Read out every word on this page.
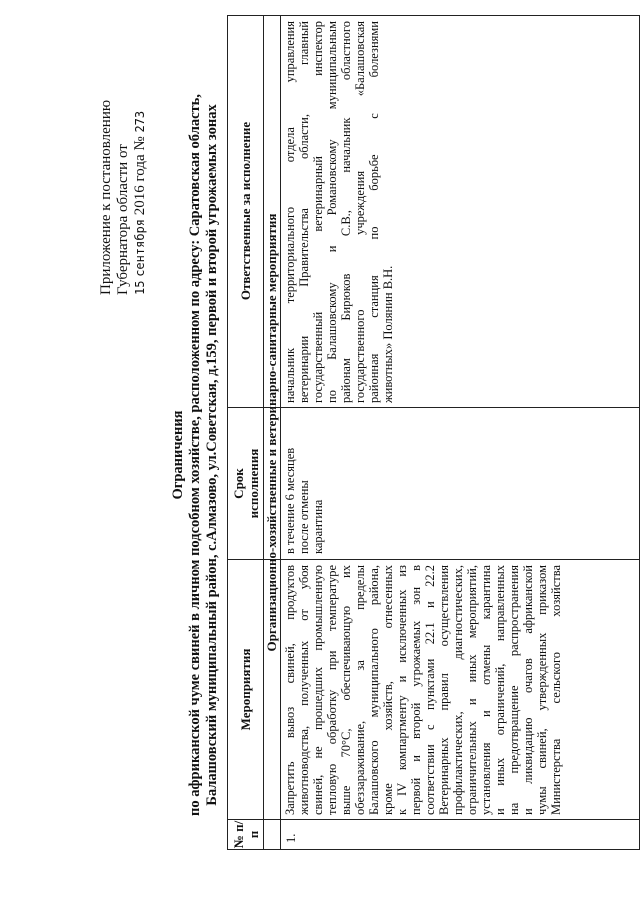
Приложение к постановлению Губернатора области от 15 сентября 2016 года № 273
Ограничения по африканской чуме свиней в личном подсобном хозяйстве, расположенном по адресу: Саратовская область, Балашовский муниципальный район, с.Алмазово, ул.Советская, д.159, первой и второй угрожаемых зонах
№ п/п
Мероприятия
Срок исполнения
Ответственные за исполнение
Организационно-хозяйственные и ветеринарно-санитарные мероприятия
1.
Запретить вывоз свиней, продуктов животноводства, полученных от убоя свиней, не прошедших промышленную тепловую обработку при температуре выше 70°С, обеспечивающую их обеззараживание, за пределы Балашовского муниципального района, кроме хозяйств, отнесенных к IV компартменту и исключенных из первой и второй угрожаемых зон в соответствии с пунктами 22.1 и 22.2 Ветеринарных правил осуществления профилактических, диагностических, ограничительных и иных мероприятий, установления и отмены карантина и иных ограничений, направленных на предотвращение распространения и ликвидацию очагов африканской чумы свиней, утвержденных приказом Министерства сельского хозяйства
в течение 6 месяцев после отмены карантина
начальник территориального отдела управления ветеринарии Правительства области, главный государственный ветеринарный инспектор по Балашовскому и Романовскому муниципальным районам Бирюков С.В., начальник областного государственного учреждения «Балашовская районная станция по борьбе с болезнями животных» Полянин В.Н.
